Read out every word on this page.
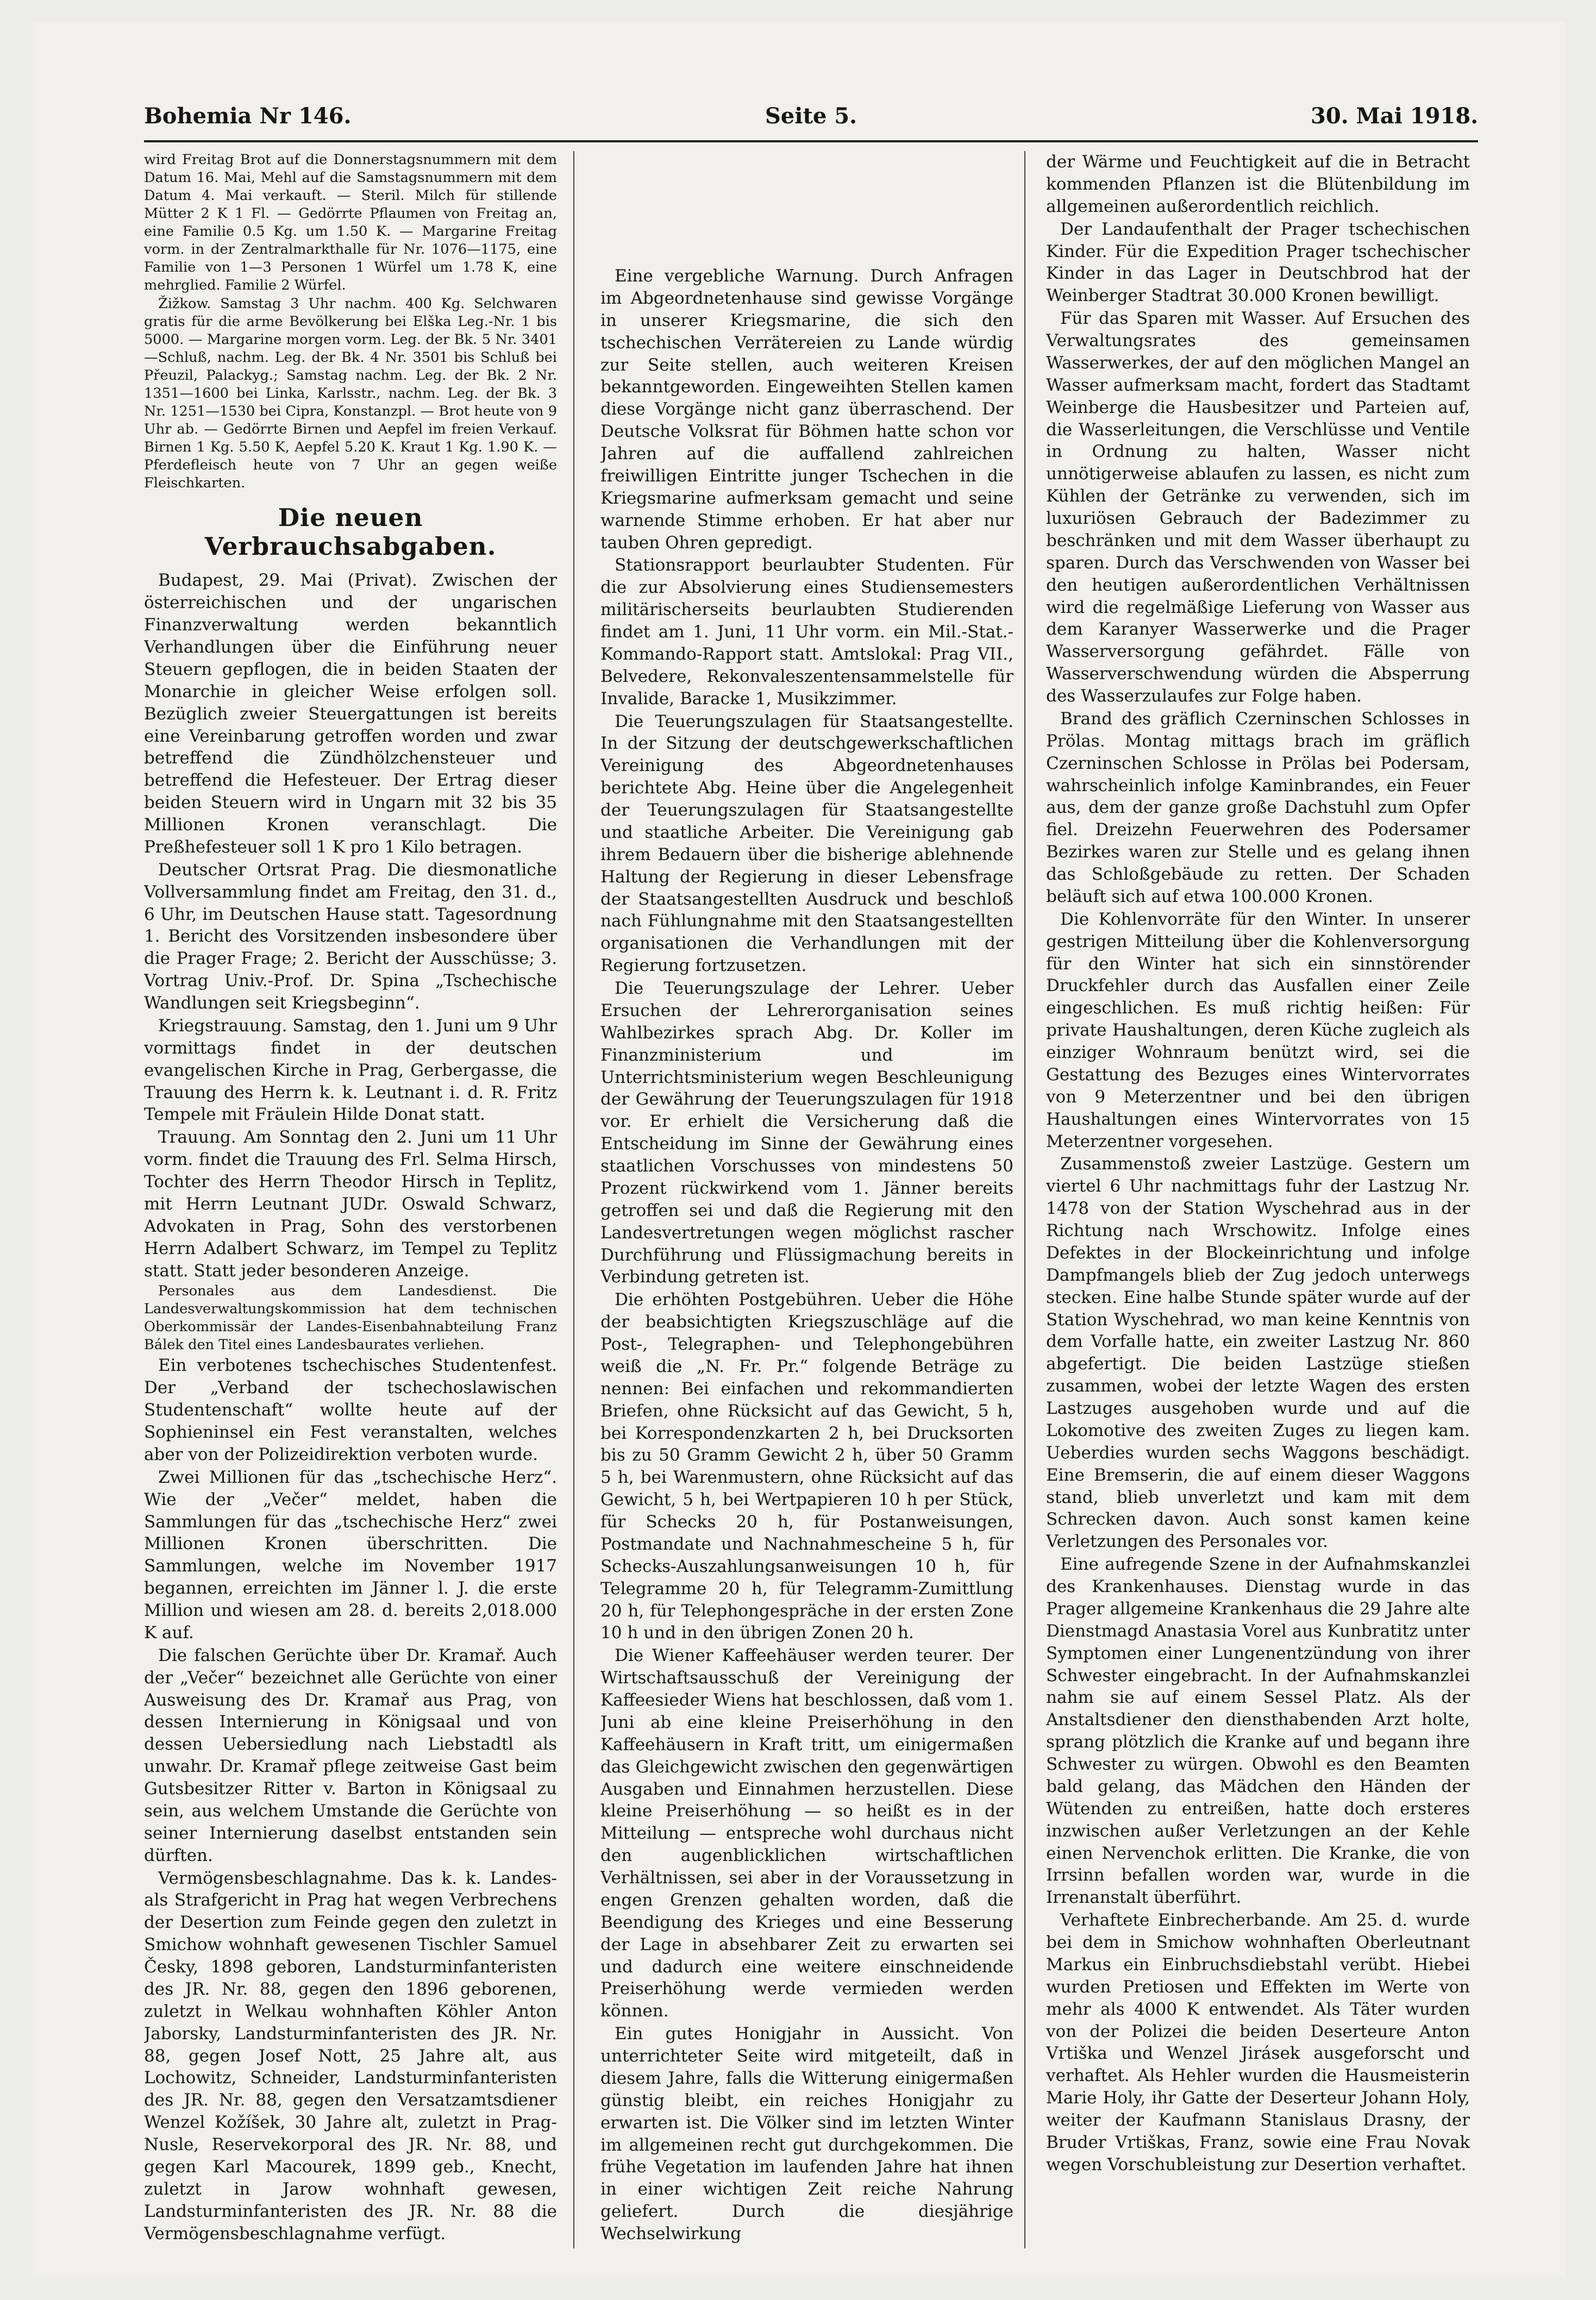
Bohemia Nr 146.	Seite 5.	30. Mai 1918.

wird Freitag Brot auf die Donnerstagsnummern mit dem Datum 16. Mai, Mehl auf die Samstagsnummern mit dem Datum 4. Mai verkauft. — Steril. Milch für stillende Mütter 2 K 1 Fl. — Gedörrte Pflaumen von Freitag an, eine Familie 0.5 Kg. um 1.50 K. — Margarine Freitag vorm. in der Zentralmarkthalle für Nr. 1076—1175, eine Familie von 1—3 Personen 1 Würfel um 1.78 K, eine mehrglied. Familie 2 Würfel.

Žižkow. Samstag 3 Uhr nachm. 400 Kg. Selchwaren gratis für die arme Bevölkerung bei Elška Leg.-Nr. 1 bis 5000. — Margarine morgen vorm. Leg. der Bk. 5 Nr. 3401—Schluß, nachm. Leg. der Bk. 4 Nr. 3501 bis Schluß bei Přeuzil, Palackyg.; Samstag nachm. Leg. der Bk. 2 Nr. 1351—1600 bei Linka, Karlsstr., nachm. Leg. der Bk. 3 Nr. 1251—1530 bei Cipra, Konstanzpl. — Brot heute von 9 Uhr ab. — Gedörrte Birnen und Aepfel im freien Verkauf. Birnen 1 Kg. 5.50 K, Aepfel 5.20 K. Kraut 1 Kg. 1.90 K. — Pferdefleisch heute von 7 Uhr an gegen weiße Fleischkarten.

Die neuen Verbrauchsabgaben.

Budapest, 29. Mai (Privat). Zwischen der österreichischen und der ungarischen Finanzverwaltung werden bekanntlich Verhandlungen über die Einführung neuer Steuern gepflogen, die in beiden Staaten der Monarchie in gleicher Weise erfolgen soll. Bezüglich zweier Steuergattungen ist bereits eine Vereinbarung getroffen worden und zwar betreffend die Zündhölzchensteuer und betreffend die Hefesteuer. Der Ertrag dieser beiden Steuern wird in Ungarn mit 32 bis 35 Millionen Kronen veranschlagt. Die Preßhefesteuer soll 1 K pro 1 Kilo betragen.

Deutscher Ortsrat Prag. Die diesmonatliche Vollversammlung findet am Freitag, den 31. d., 6 Uhr, im Deutschen Hause statt. Tagesordnung 1. Bericht des Vorsitzenden insbesondere über die Prager Frage; 2. Bericht der Ausschüsse; 3. Vortrag Univ.-Prof. Dr. Spina „Tschechische Wandlungen seit Kriegsbeginn“.

Kriegstrauung. Samstag, den 1. Juni um 9 Uhr vormittags findet in der deutschen evangelischen Kirche in Prag, Gerbergasse, die Trauung des Herrn k. k. Leutnant i. d. R. Fritz Tempele mit Fräulein Hilde Donat statt.

Trauung. Am Sonntag den 2. Juni um 11 Uhr vorm. findet die Trauung des Frl. Selma Hirsch, Tochter des Herrn Theodor Hirsch in Teplitz, mit Herrn Leutnant JUDr. Oswald Schwarz, Advokaten in Prag, Sohn des verstorbenen Herrn Adalbert Schwarz, im Tempel zu Teplitz statt. Statt jeder besonderen Anzeige.

Personales aus dem Landesdienst. Die Landesverwaltungskommission hat dem technischen Oberkommissär der Landes-Eisenbahnabteilung Franz Bálek den Titel eines Landesbaurates verliehen.

Ein verbotenes tschechisches Studentenfest. Der „Verband der tschechoslawischen Studentenschaft“ wollte heute auf der Sophieninsel ein Fest veranstalten, welches aber von der Polizeidirektion verboten wurde.

Zwei Millionen für das „tschechische Herz“. Wie der „Večer“ meldet, haben die Sammlungen für das „tschechische Herz“ zwei Millionen Kronen überschritten. Die Sammlungen, welche im November 1917 begannen, erreichten im Jänner l. J. die erste Million und wiesen am 28. d. bereits 2,018.000 K auf.

Die falschen Gerüchte über Dr. Kramař. Auch der „Večer“ bezeichnet alle Gerüchte von einer Ausweisung des Dr. Kramař aus Prag, von dessen Internierung in Königsaal und von dessen Uebersiedlung nach Liebstadtl als unwahr. Dr. Kramař pflege zeitweise Gast beim Gutsbesitzer Ritter v. Barton in Königsaal zu sein, aus welchem Umstande die Gerüchte von seiner Internierung daselbst entstanden sein dürften.

Vermögensbeschlagnahme. Das k. k. Landes- als Strafgericht in Prag hat wegen Verbrechens der Desertion zum Feinde gegen den zuletzt in Smichow wohnhaft gewesenen Tischler Samuel Česky, 1898 geboren, Landsturminfanteristen des JR. Nr. 88, gegen den 1896 geborenen, zuletzt in Welkau wohnhaften Köhler Anton Jaborsky, Landsturminfanteristen des JR. Nr. 88, gegen Josef Nott, 25 Jahre alt, aus Lochowitz, Schneider, Landsturminfanteristen des JR. Nr. 88, gegen den Versatzamtsdiener Wenzel Kožíšek, 30 Jahre alt, zuletzt in Prag-Nusle, Reservekorporal des JR. Nr. 88, und gegen Karl Macourek, 1899 geb., Knecht, zuletzt in Jarow wohnhaft gewesen, Landsturminfanteristen des JR. Nr. 88 die Vermögensbeschlagnahme verfügt.

Eine vergebliche Warnung. Durch Anfragen im Abgeordnetenhause sind gewisse Vorgänge in unserer Kriegsmarine, die sich den tschechischen Verrätereien zu Lande würdig zur Seite stellen, auch weiteren Kreisen bekanntgeworden. Eingeweihten Stellen kamen diese Vorgänge nicht ganz überraschend. Der Deutsche Volksrat für Böhmen hatte schon vor Jahren auf die auffallend zahlreichen freiwilligen Eintritte junger Tschechen in die Kriegsmarine aufmerksam gemacht und seine warnende Stimme erhoben. Er hat aber nur tauben Ohren gepredigt.

Stationsrapport beurlaubter Studenten. Für die zur Absolvierung eines Studiensemesters militärischerseits beurlaubten Studierenden findet am 1. Juni, 11 Uhr vorm. ein Mil.-Stat.-Kommando-Rapport statt. Amtslokal: Prag VII., Belvedere, Rekonvaleszentensammelstelle für Invalide, Baracke 1, Musikzimmer.

Die Teuerungszulagen für Staatsangestellte. In der Sitzung der deutschgewerkschaftlichen Vereinigung des Abgeordnetenhauses berichtete Abg. Heine über die Angelegenheit der Teuerungszulagen für Staatsangestellte und staatliche Arbeiter. Die Vereinigung gab ihrem Bedauern über die bisherige ablehnende Haltung der Regierung in dieser Lebensfrage der Staatsangestellten Ausdruck und beschloß nach Fühlungnahme mit den Staatsangestellten organisationen die Verhandlungen mit der Regierung fortzusetzen.

Die Teuerungszulage der Lehrer. Ueber Ersuchen der Lehrerorganisation seines Wahlbezirkes sprach Abg. Dr. Koller im Finanzministerium und im Unterrichtsministerium wegen Beschleunigung der Gewährung der Teuerungszulagen für 1918 vor. Er erhielt die Versicherung daß die Entscheidung im Sinne der Gewährung eines staatlichen Vorschusses von mindestens 50 Prozent rückwirkend vom 1. Jänner bereits getroffen sei und daß die Regierung mit den Landesvertretungen wegen möglichst rascher Durchführung und Flüssigmachung bereits in Verbindung getreten ist.

Die erhöhten Postgebühren. Ueber die Höhe der beabsichtigten Kriegszuschläge auf die Post-, Telegraphen- und Telephongebühren weiß die „N. Fr. Pr.“ folgende Beträge zu nennen: Bei einfachen und rekommandierten Briefen, ohne Rücksicht auf das Gewicht, 5 h, bei Korrespondenzkarten 2 h, bei Drucksorten bis zu 50 Gramm Gewicht 2 h, über 50 Gramm 5 h, bei Warenmustern, ohne Rücksicht auf das Gewicht, 5 h, bei Wertpapieren 10 h per Stück, für Schecks 20 h, für Postanweisungen, Postmandate und Nachnahmescheine 5 h, für Schecks-Auszahlungsanweisungen 10 h, für Telegramme 20 h, für Telegramm-Zumittlung 20 h, für Telephongespräche in der ersten Zone 10 h und in den übrigen Zonen 20 h.

Die Wiener Kaffeehäuser werden teurer. Der Wirtschaftsausschuß der Vereinigung der Kaffeesieder Wiens hat beschlossen, daß vom 1. Juni ab eine kleine Preiserhöhung in den Kaffeehäusern in Kraft tritt, um einigermaßen das Gleichgewicht zwischen den gegenwärtigen Ausgaben und Einnahmen herzustellen. Diese kleine Preiserhöhung — so heißt es in der Mitteilung — entspreche wohl durchaus nicht den augenblicklichen wirtschaftlichen Verhältnissen, sei aber in der Voraussetzung in engen Grenzen gehalten worden, daß die Beendigung des Krieges und eine Besserung der Lage in absehbarer Zeit zu erwarten sei und dadurch eine weitere einschneidende Preiserhöhung werde vermieden werden können.

Ein gutes Honigjahr in Aussicht. Von unterrichteter Seite wird mitgeteilt, daß in diesem Jahre, falls die Witterung einigermaßen günstig bleibt, ein reiches Honigjahr zu erwarten ist. Die Völker sind im letzten Winter im allgemeinen recht gut durchgekommen. Die frühe Vegetation im laufenden Jahre hat ihnen in einer wichtigen Zeit reiche Nahrung geliefert. Durch die diesjährige Wechselwirkung

der Wärme und Feuchtigkeit auf die in Betracht kommenden Pflanzen ist die Blütenbildung im allgemeinen außerordentlich reichlich.

Der Landaufenthalt der Prager tschechischen Kinder. Für die Expedition Prager tschechischer Kinder in das Lager in Deutschbrod hat der Weinberger Stadtrat 30.000 Kronen bewilligt.

Für das Sparen mit Wasser. Auf Ersuchen des Verwaltungsrates des gemeinsamen Wasserwerkes, der auf den möglichen Mangel an Wasser aufmerksam macht, fordert das Stadtamt Weinberge die Hausbesitzer und Parteien auf, die Wasserleitungen, die Verschlüsse und Ventile in Ordnung zu halten, Wasser nicht unnötigerweise ablaufen zu lassen, es nicht zum Kühlen der Getränke zu verwenden, sich im luxuriösen Gebrauch der Badezimmer zu beschränken und mit dem Wasser überhaupt zu sparen. Durch das Verschwenden von Wasser bei den heutigen außerordentlichen Verhältnissen wird die regelmäßige Lieferung von Wasser aus dem Karanyer Wasserwerke und die Prager Wasserversorgung gefährdet. Fälle von Wasserverschwendung würden die Absperrung des Wasserzulaufes zur Folge haben.

Brand des gräflich Czerninschen Schlosses in Prölas. Montag mittags brach im gräflich Czerninschen Schlosse in Prölas bei Podersam, wahrscheinlich infolge Kaminbrandes, ein Feuer aus, dem der ganze große Dachstuhl zum Opfer fiel. Dreizehn Feuerwehren des Podersamer Bezirkes waren zur Stelle und es gelang ihnen das Schloßgebäude zu retten. Der Schaden beläuft sich auf etwa 100.000 Kronen.

Die Kohlenvorräte für den Winter. In unserer gestrigen Mitteilung über die Kohlenversorgung für den Winter hat sich ein sinnstörender Druckfehler durch das Ausfallen einer Zeile eingeschlichen. Es muß richtig heißen: Für private Haushaltungen, deren Küche zugleich als einziger Wohnraum benützt wird, sei die Gestattung des Bezuges eines Wintervorrates von 9 Meterzentner und bei den übrigen Haushaltungen eines Wintervorrates von 15 Meterzentner vorgesehen.

Zusammenstoß zweier Lastzüge. Gestern um viertel 6 Uhr nachmittags fuhr der Lastzug Nr. 1478 von der Station Wyschehrad aus in der Richtung nach Wrschowitz. Infolge eines Defektes in der Blockeinrichtung und infolge Dampfmangels blieb der Zug jedoch unterwegs stecken. Eine halbe Stunde später wurde auf der Station Wyschehrad, wo man keine Kenntnis von dem Vorfalle hatte, ein zweiter Lastzug Nr. 860 abgefertigt. Die beiden Lastzüge stießen zusammen, wobei der letzte Wagen des ersten Lastzuges ausgehoben wurde und auf die Lokomotive des zweiten Zuges zu liegen kam. Ueberdies wurden sechs Waggons beschädigt. Eine Bremserin, die auf einem dieser Waggons stand, blieb unverletzt und kam mit dem Schrecken davon. Auch sonst kamen keine Verletzungen des Personales vor.

Eine aufregende Szene in der Aufnahmskanzlei des Krankenhauses. Dienstag wurde in das Prager allgemeine Krankenhaus die 29 Jahre alte Dienstmagd Anastasia Vorel aus Kunbratitz unter Symptomen einer Lungenentzündung von ihrer Schwester eingebracht. In der Aufnahmskanzlei nahm sie auf einem Sessel Platz. Als der Anstaltsdiener den diensthabenden Arzt holte, sprang plötzlich die Kranke auf und begann ihre Schwester zu würgen. Obwohl es den Beamten bald gelang, das Mädchen den Händen der Wütenden zu entreißen, hatte doch ersteres inzwischen außer Verletzungen an der Kehle einen Nervenchok erlitten. Die Kranke, die von Irrsinn befallen worden war, wurde in die Irrenanstalt überführt.

Verhaftete Einbrecherbande. Am 25. d. wurde bei dem in Smichow wohnhaften Oberleutnant Markus ein Einbruchsdiebstahl verübt. Hiebei wurden Pretiosen und Effekten im Werte von mehr als 4000 K entwendet. Als Täter wurden von der Polizei die beiden Deserteure Anton Vrtiška und Wenzel Jirásek ausgeforscht und verhaftet. Als Hehler wurden die Hausmeisterin Marie Holy, ihr Gatte der Deserteur Johann Holy, weiter der Kaufmann Stanislaus Drasny, der Bruder Vrtiškas, Franz, sowie eine Frau Novak wegen Vorschubleistung zur Desertion verhaftet.
